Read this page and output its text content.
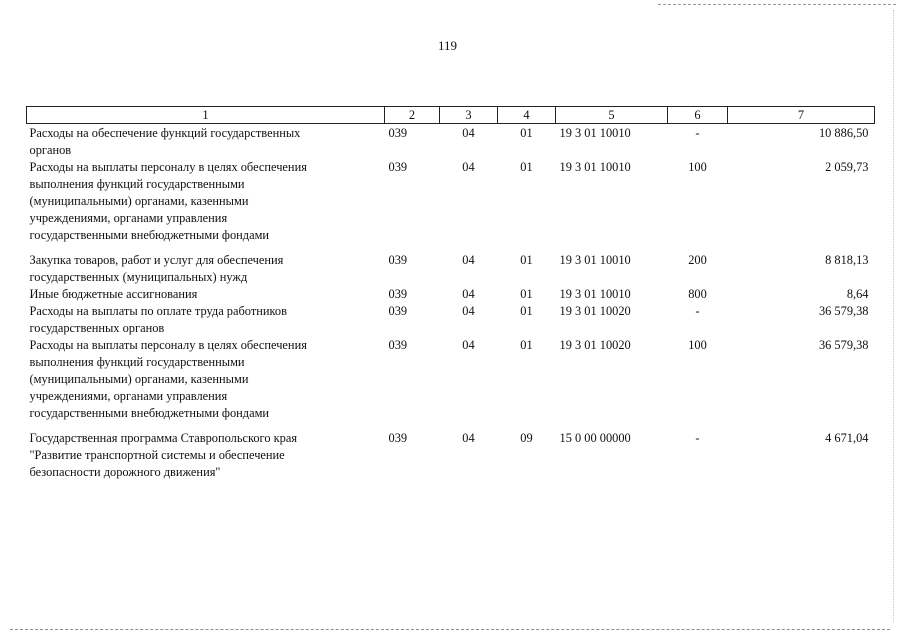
119
1	2	3	4	5	6	7

Расходы на обеспечение функций государственных
органов	039	04	01	19 3 01 10010	-	10 886,50

Расходы на выплаты персоналу в целях обеспечения
выполнения функций государственными
(муниципальными) органами, казенными
учреждениями, органами управления
государственными внебюджетными фондами	039	04	01	19 3 01 10010	100	2 059,73

Закупка товаров, работ и услуг для обеспечения
государственных (муниципальных) нужд	039	04	01	19 3 01 10010	200	8 818,13

Иные бюджетные ассигнования	039	04	01	19 3 01 10010	800	8,64

Расходы на выплаты по оплате труда работников
государственных органов	039	04	01	19 3 01 10020	-	36 579,38

Расходы на выплаты персоналу в целях обеспечения
выполнения функций государственными
(муниципальными) органами, казенными
учреждениями, органами управления
государственными внебюджетными фондами	039	04	01	19 3 01 10020	100	36 579,38

Государственная программа Ставропольского края
"Развитие транспортной системы и обеспечение
безопасности дорожного движения"	039	04	09	15 0 00 00000	-	4 671,04
